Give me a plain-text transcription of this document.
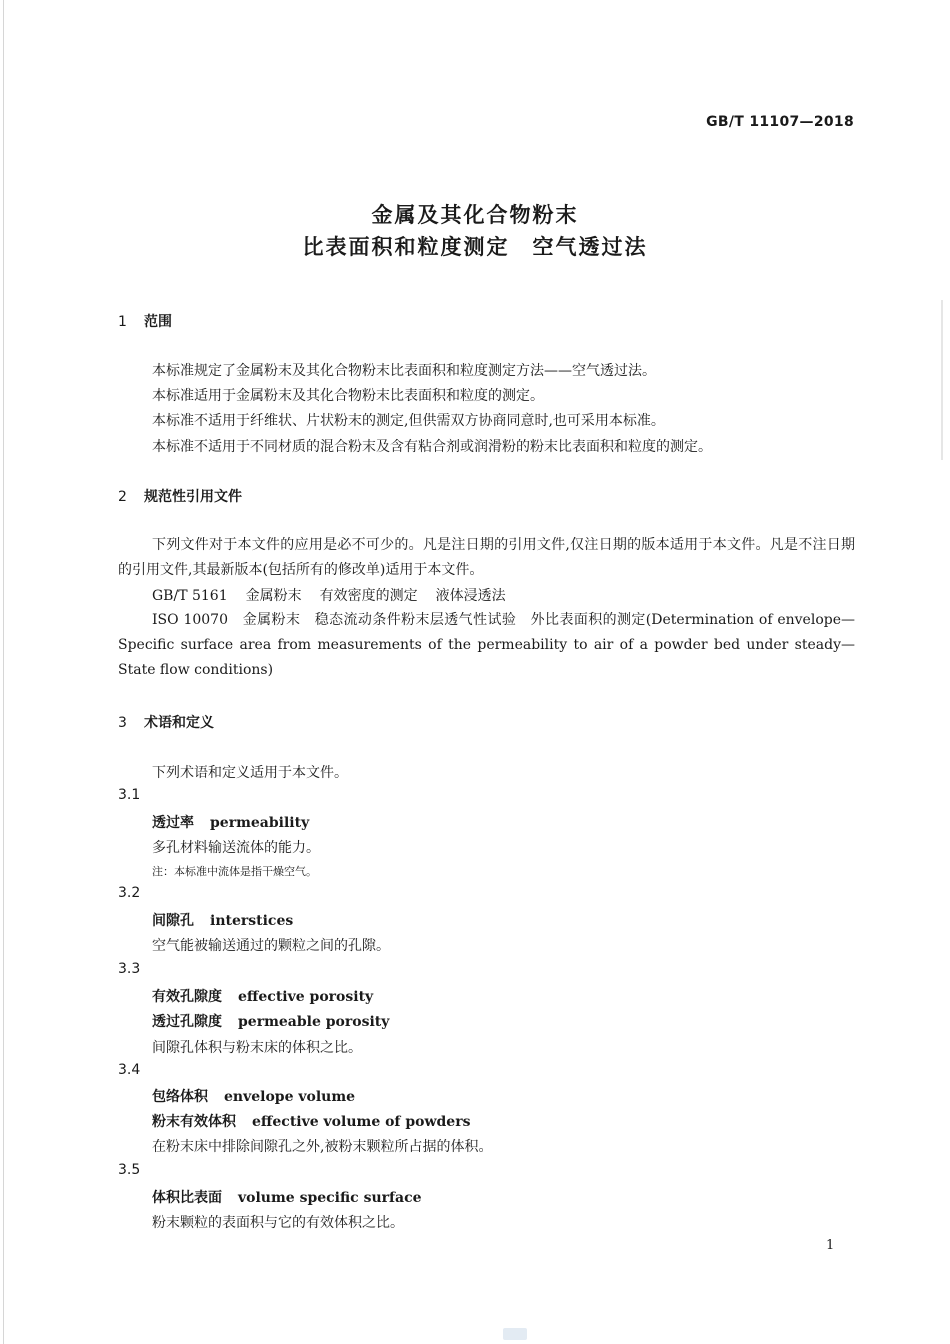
GB/T 11107—2018
金属及其化合物粉末
比表面积和粒度测定　空气透过法
1 范围
本标准规定了金属粉末及其化合物粉末比表面积和粒度测定方法——空气透过法。
本标准适用于金属粉末及其化合物粉末比表面积和粒度的测定。
本标准不适用于纤维状、片状粉末的测定,但供需双方协商同意时,也可采用本标准。
本标准不适用于不同材质的混合粉末及含有粘合剂或润滑粉的粉末比表面积和粒度的测定。
2 规范性引用文件
下列文件对于本文件的应用是必不可少的。凡是注日期的引用文件,仅注日期的版本适用于本文件。凡是不注日期的引用文件,其最新版本(包括所有的修改单)适用于本文件。
GB/T 5161 金属粉末 有效密度的测定 液体浸透法
ISO 10070　金属粉末　稳态流动条件粉末层透气性试验　外比表面积的测定(Determination of envelope—Specific surface area from measurements of the permeability to air of a powder bed under steady—State flow conditions)
3 术语和定义
下列术语和定义适用于本文件。
3.1
透过率 permeability
多孔材料输送流体的能力。
注：本标准中流体是指干燥空气。
3.2
间隙孔 interstices
空气能被输送通过的颗粒之间的孔隙。
3.3
有效孔隙度 effective porosity
透过孔隙度 permeable porosity
间隙孔体积与粉末床的体积之比。
3.4
包络体积 envelope volume
粉末有效体积 effective volume of powders
在粉末床中排除间隙孔之外,被粉末颗粒所占据的体积。
3.5
体积比表面 volume specific surface
粉末颗粒的表面积与它的有效体积之比。
1
